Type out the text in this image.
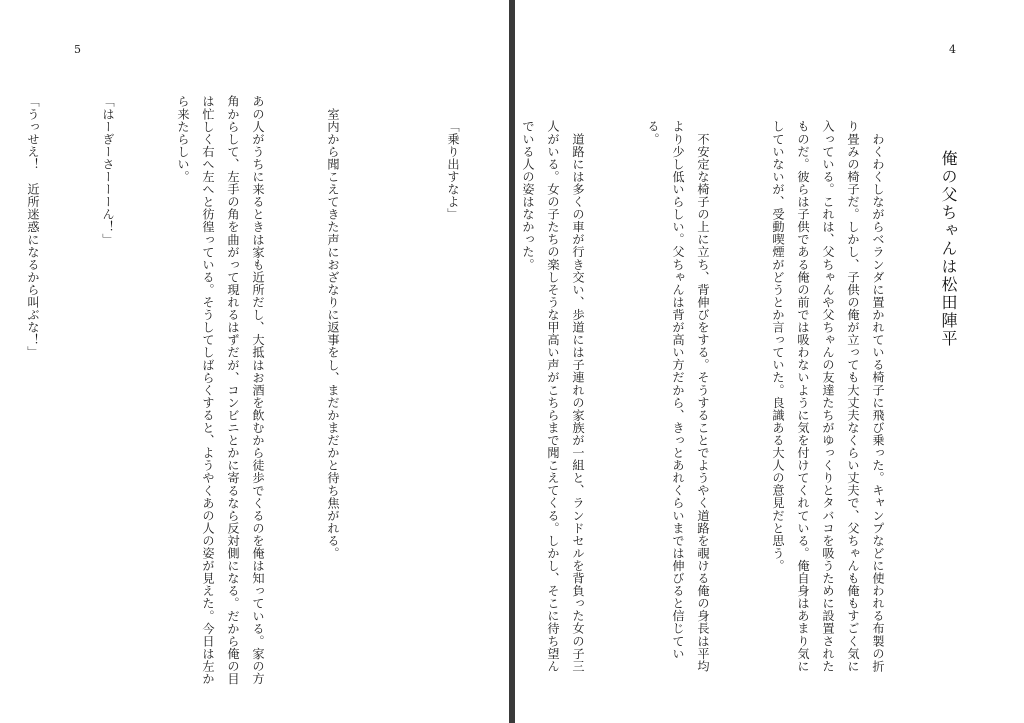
5

　室内から聞こえてきた声におざなりに返事をし、まだかまだかと待ち焦がれる。

あの人がうちに来るときは家も近所だし、大抵はお酒を飲むから徒歩でくるのを俺は知っている。家の方角からして、左手の角を曲がって現れるはずだが、コンビニとかに寄るなら反対側になる。だから俺の目は忙しく右へ左へと彷徨っている。そうしてしばらくすると、ようやくあの人の姿が見えた。今日は左から来たらしい。

「はーぎーさーーーん！」

「うっせえ！　近所迷惑になるから叫ぶな！」

4
俺の父ちゃんは松田陣平

　わくわくしながらベランダに置かれている椅子に飛び乗った。キャンプなどに使われる布製の折り畳みの椅子だ。しかし、子供の俺が立っても大丈夫なくらい丈夫で、父ちゃんも俺もすごく気に入っている。これは、父ちゃんや父ちゃんの友達たちがゆっくりとタバコを吸うために設置されたものだ。彼らは子供である俺の前では吸わないように気を付けてくれている。俺自身はあまり気にしていないが、受動喫煙がどうとか言っていた。良識ある大人の意見だと思う。

　不安定な椅子の上に立ち、背伸びをする。そうすることでようやく道路を覗ける俺の身長は平均より少し低いらしい。父ちゃんは背が高い方だから、きっとあれくらいまでは伸びると信じている。

　道路には多くの車が行き交い、歩道には子連れの家族が一組と、ランドセルを背負った女の子三人がいる。女の子たちの楽しそうな甲高い声がこちらまで聞こえてくる。しかし、そこに待ち望んでいる人の姿はなかった。

「乗り出すなよ」
